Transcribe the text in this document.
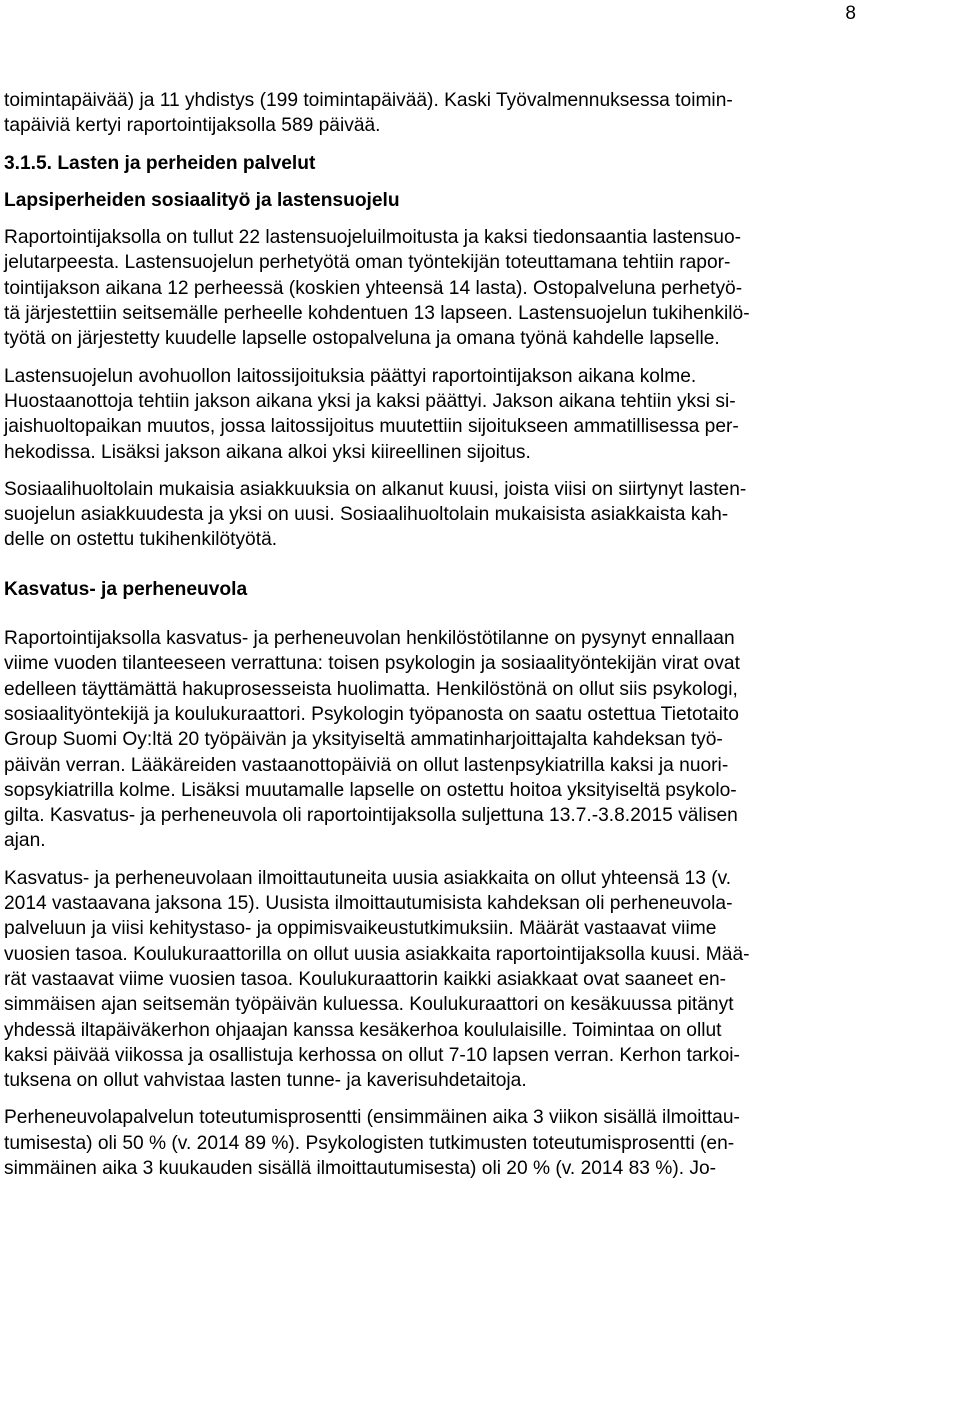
8
toimintapäivää) ja 11 yhdistys (199 toimintapäivää). Kaski Työvalmennuksessa toimin-
tapäiviä kertyi raportointijaksolla 589 päivää.
3.1.5. Lasten ja perheiden palvelut
Lapsiperheiden sosiaalityö ja lastensuojelu
Raportointijaksolla on tullut 22 lastensuojeluilmoitusta ja kaksi tiedonsaantia lastensuo-
jelutarpeesta. Lastensuojelun perhetyötä oman työntekijän toteuttamana tehtiin rapor-
tointijakson aikana 12 perheessä (koskien yhteensä 14 lasta). Ostopalveluna perhetyö-
tä järjestettiin seitsemälle perheelle kohdentuen 13 lapseen. Lastensuojelun tukihenkilö-
työtä on järjestetty kuudelle lapselle ostopalveluna ja omana työnä kahdelle lapselle.
Lastensuojelun avohuollon laitossijoituksia päättyi raportointijakson aikana kolme.
Huostaanottoja tehtiin jakson aikana yksi ja kaksi päättyi. Jakson aikana tehtiin yksi si-
jaishuoltopaikan muutos, jossa laitossijoitus muutettiin sijoitukseen ammatillisessa per-
hekodissa. Lisäksi jakson aikana alkoi yksi kiireellinen sijoitus.
Sosiaalihuoltolain mukaisia asiakkuuksia on alkanut kuusi, joista viisi on siirtynyt lasten-
suojelun asiakkuudesta ja yksi on uusi. Sosiaalihuoltolain mukaisista asiakkaista kah-
delle on ostettu tukihenkilötyötä.
Kasvatus- ja perheneuvola
Raportointijaksolla kasvatus- ja perheneuvolan henkilöstötilanne on pysynyt ennallaan
viime vuoden tilanteeseen verrattuna: toisen psykologin ja sosiaalityöntekijän virat ovat
edelleen täyttämättä hakuprosesseista huolimatta. Henkilöstönä on ollut siis psykologi,
sosiaalityöntekijä ja koulukuraattori. Psykologin työpanosta on saatu ostettua Tietotaito
Group Suomi Oy:ltä 20 työpäivän ja yksityiseltä ammatinharjoittajalta kahdeksan työ-
päivän verran. Lääkäreiden vastaanottopäiviä on ollut lastenpsykiatrilla kaksi ja nuori-
sopsykiatrilla kolme. Lisäksi muutamalle lapselle on ostettu hoitoa yksityiseltä psykolo-
gilta. Kasvatus- ja perheneuvola oli raportointijaksolla suljettuna 13.7.-3.8.2015 välisen
ajan.
Kasvatus- ja perheneuvolaan ilmoittautuneita uusia asiakkaita on ollut yhteensä 13 (v.
2014 vastaavana jaksona 15). Uusista ilmoittautumisista kahdeksan oli perheneuvola-
palveluun ja viisi kehitystaso- ja oppimisvaikeustutkimuksiin. Määrät vastaavat viime
vuosien tasoa. Koulukuraattorilla on ollut uusia asiakkaita raportointijaksolla kuusi. Mää-
rät vastaavat viime vuosien tasoa. Koulukuraattorin kaikki asiakkaat ovat saaneet en-
simmäisen ajan seitsemän työpäivän kuluessa. Koulukuraattori on kesäkuussa pitänyt
yhdessä iltapäiväkerhon ohjaajan kanssa kesäkerhoa koululaisille. Toimintaa on ollut
kaksi päivää viikossa ja osallistuja kerhossa on ollut 7-10 lapsen verran. Kerhon tarkoi-
tuksena on ollut vahvistaa lasten tunne- ja kaverisuhdetaitoja.
Perheneuvolapalvelun toteutumisprosentti (ensimmäinen aika 3 viikon sisällä ilmoittau-
tumisesta) oli 50 % (v. 2014 89 %). Psykologisten tutkimusten toteutumisprosentti (en-
simmäinen aika 3 kuukauden sisällä ilmoittautumisesta) oli 20 % (v. 2014 83 %). Jo-
